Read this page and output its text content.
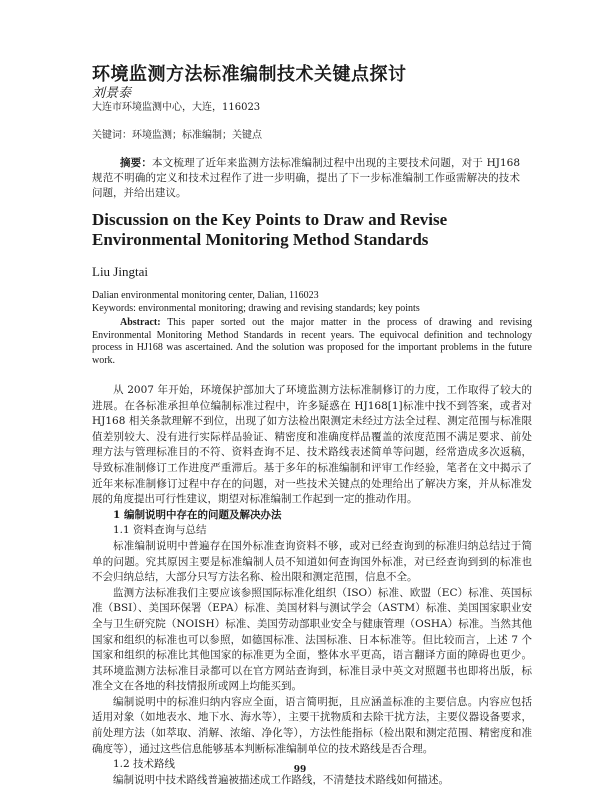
环境监测方法标准编制技术关键点探讨
刘景泰
大连市环境监测中心，大连，116023
关键词：环境监测；标准编制；关键点
摘要：本文梳理了近年来监测方法标准编制过程中出现的主要技术问题，对于 HJ168 规范不明确的定义和技术过程作了进一步明确，提出了下一步标准编制工作亟需解决的技术问题，并给出建议。
Discussion on the Key Points to Draw and Revise Environmental Monitoring Method Standards
Liu Jingtai
Dalian environmental monitoring center, Dalian, 116023
Keywords: environmental monitoring; drawing and revising standards; key points
Abstract: This paper sorted out the major matter in the process of drawing and revising Environmental Monitoring Method Standards in recent years. The equivocal definition and technology process in HJ168 was ascertained. And the solution was proposed for the important problems in the future work.

从 2007 年开始，环境保护部加大了环境监测方法标准制修订的力度，工作取得了较大的进展。在各标准承担单位编制标准过程中，许多疑惑在 HJ168[1]标准中找不到答案，或者对 HJ168 相关条款理解不到位，出现了如方法检出限测定未经过方法全过程、测定范围与标准限值差别较大、没有进行实际样品验证、精密度和准确度样品覆盖的浓度范围不满足要求、前处理方法与管理标准目的不符、资料查询不足、技术路线表述简单等问题，经常造成多次返稿，导致标准制修订工作进度严重滞后。基于多年的标准编制和评审工作经验，笔者在文中揭示了近年来标准制修订过程中存在的问题，对一些技术关键点的处理给出了解决方案，并从标准发展的角度提出可行性建议，期望对标准编制工作起到一定的推动作用。

1 编制说明中存在的问题及解决办法
1.1 资料查询与总结

标准编制说明中普遍存在国外标准查询资料不够，或对已经查询到的标准归纳总结过于简单的问题。究其原因主要是标准编制人员不知道如何查询国外标准，对已经查询到到的标准也不会归纳总结，大部分只写方法名称、检出限和测定范围，信息不全。

监测方法标准我们主要应该参照国际标准化组织（ISO）标准、欧盟（EC）标准、英国标准（BSI）、美国环保署（EPA）标准、美国材料与测试学会（ASTM）标准、美国国家职业安全与卫生研究院（NOISH）标准、美国劳动部职业安全与健康管理（OSHA）标准。当然其他国家和组织的标准也可以参照，如德国标准、法国标准、日本标准等。但比较而言，上述 7 个国家和组织的标准比其他国家的标准更为全面，整体水平更高，语言翻译方面的障碍也更少。其环境监测方法标准目录都可以在官方网站查询到，标准目录中英文对照题书也即将出版，标准全文在各地的科技情报所或网上均能买到。

编制说明中的标准归纳内容应全面，语言简明扼，且应涵盖标准的主要信息。内容应包括适用对象（如地表水、地下水、海水等），主要干扰物质和去除干扰方法，主要仪器设备要求，前处理方法（如萃取、消解、浓缩、净化等），方法性能指标（检出限和测定范围、精密度和准确度等），通过这些信息能够基本判断标准编制单位的技术路线是否合理。

1.2 技术路线

编制说明中技术路线普遍被描述成工作路线，不清楚技术路线如何描述。

99
